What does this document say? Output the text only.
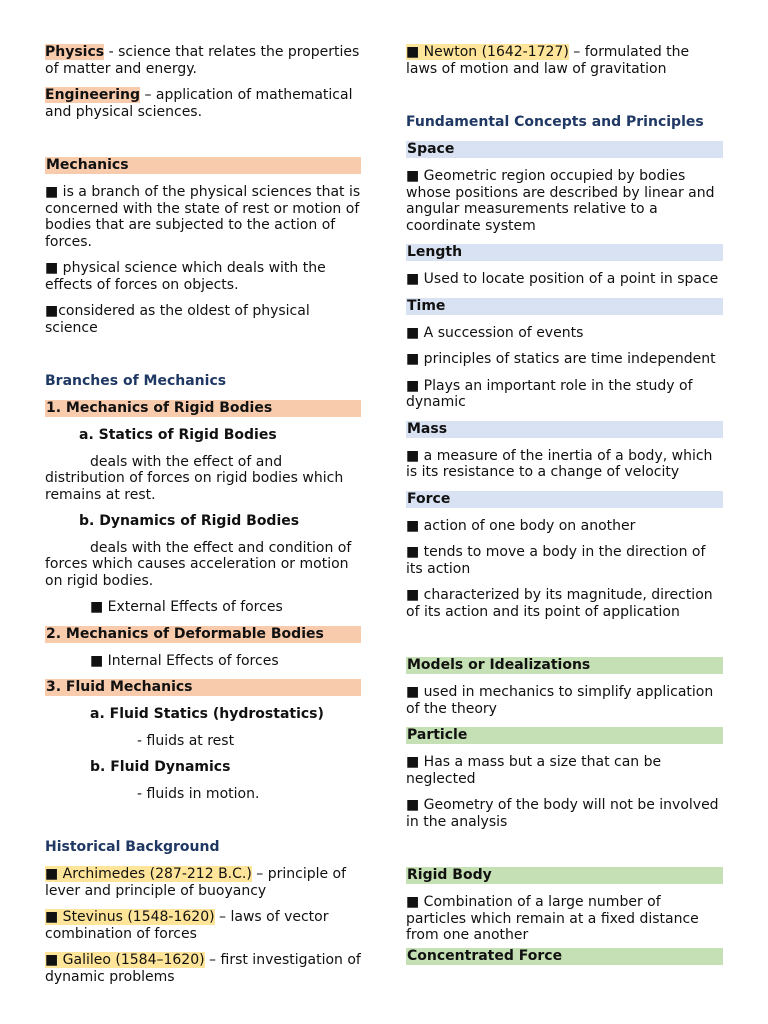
Physics - science that relates the properties of matter and energy.

Engineering – application of mathematical and physical sciences.

Mechanics

■ is a branch of the physical sciences that is concerned with the state of rest or motion of bodies that are subjected to the action of forces.

■ physical science which deals with the effects of forces on objects.

■considered as the oldest of physical science

Branches of Mechanics
1. Mechanics of Rigid Bodies

a. Statics of Rigid Bodies

deals with the effect of and distribution of forces on rigid bodies which remains at rest.

b. Dynamics of Rigid Bodies

deals with the effect and condition of forces which causes acceleration or motion on rigid bodies.

■ External Effects of forces

2. Mechanics of Deformable Bodies

■ Internal Effects of forces

3. Fluid Mechanics

a. Fluid Statics (hydrostatics)

- fluids at rest

b. Fluid Dynamics

- fluids in motion.

Historical Background

■ Archimedes (287-212 B.C.) – principle of lever and principle of buoyancy

■ Stevinus (1548-1620) – laws of vector combination of forces

■ Galileo (1584–1620) – first investigation of dynamic problems

■ Newton (1642-1727) – formulated the laws of motion and law of gravitation

Fundamental Concepts and Principles
Space

■ Geometric region occupied by bodies whose positions are described by linear and angular measurements relative to a coordinate system

Length

■ Used to locate position of a point in space

Time

■ A succession of events

■ principles of statics are time independent

■ Plays an important role in the study of dynamic

Mass

■ a measure of the inertia of a body, which is its resistance to a change of velocity

Force

■ action of one body on another

■ tends to move a body in the direction of its action

■ characterized by its magnitude, direction of its action and its point of application

Models or Idealizations

■ used in mechanics to simplify application of the theory

Particle

■ Has a mass but a size that can be neglected

■ Geometry of the body will not be involved in the analysis

Rigid Body

■ Combination of a large number of particles which remain at a fixed distance from one another

Concentrated Force
